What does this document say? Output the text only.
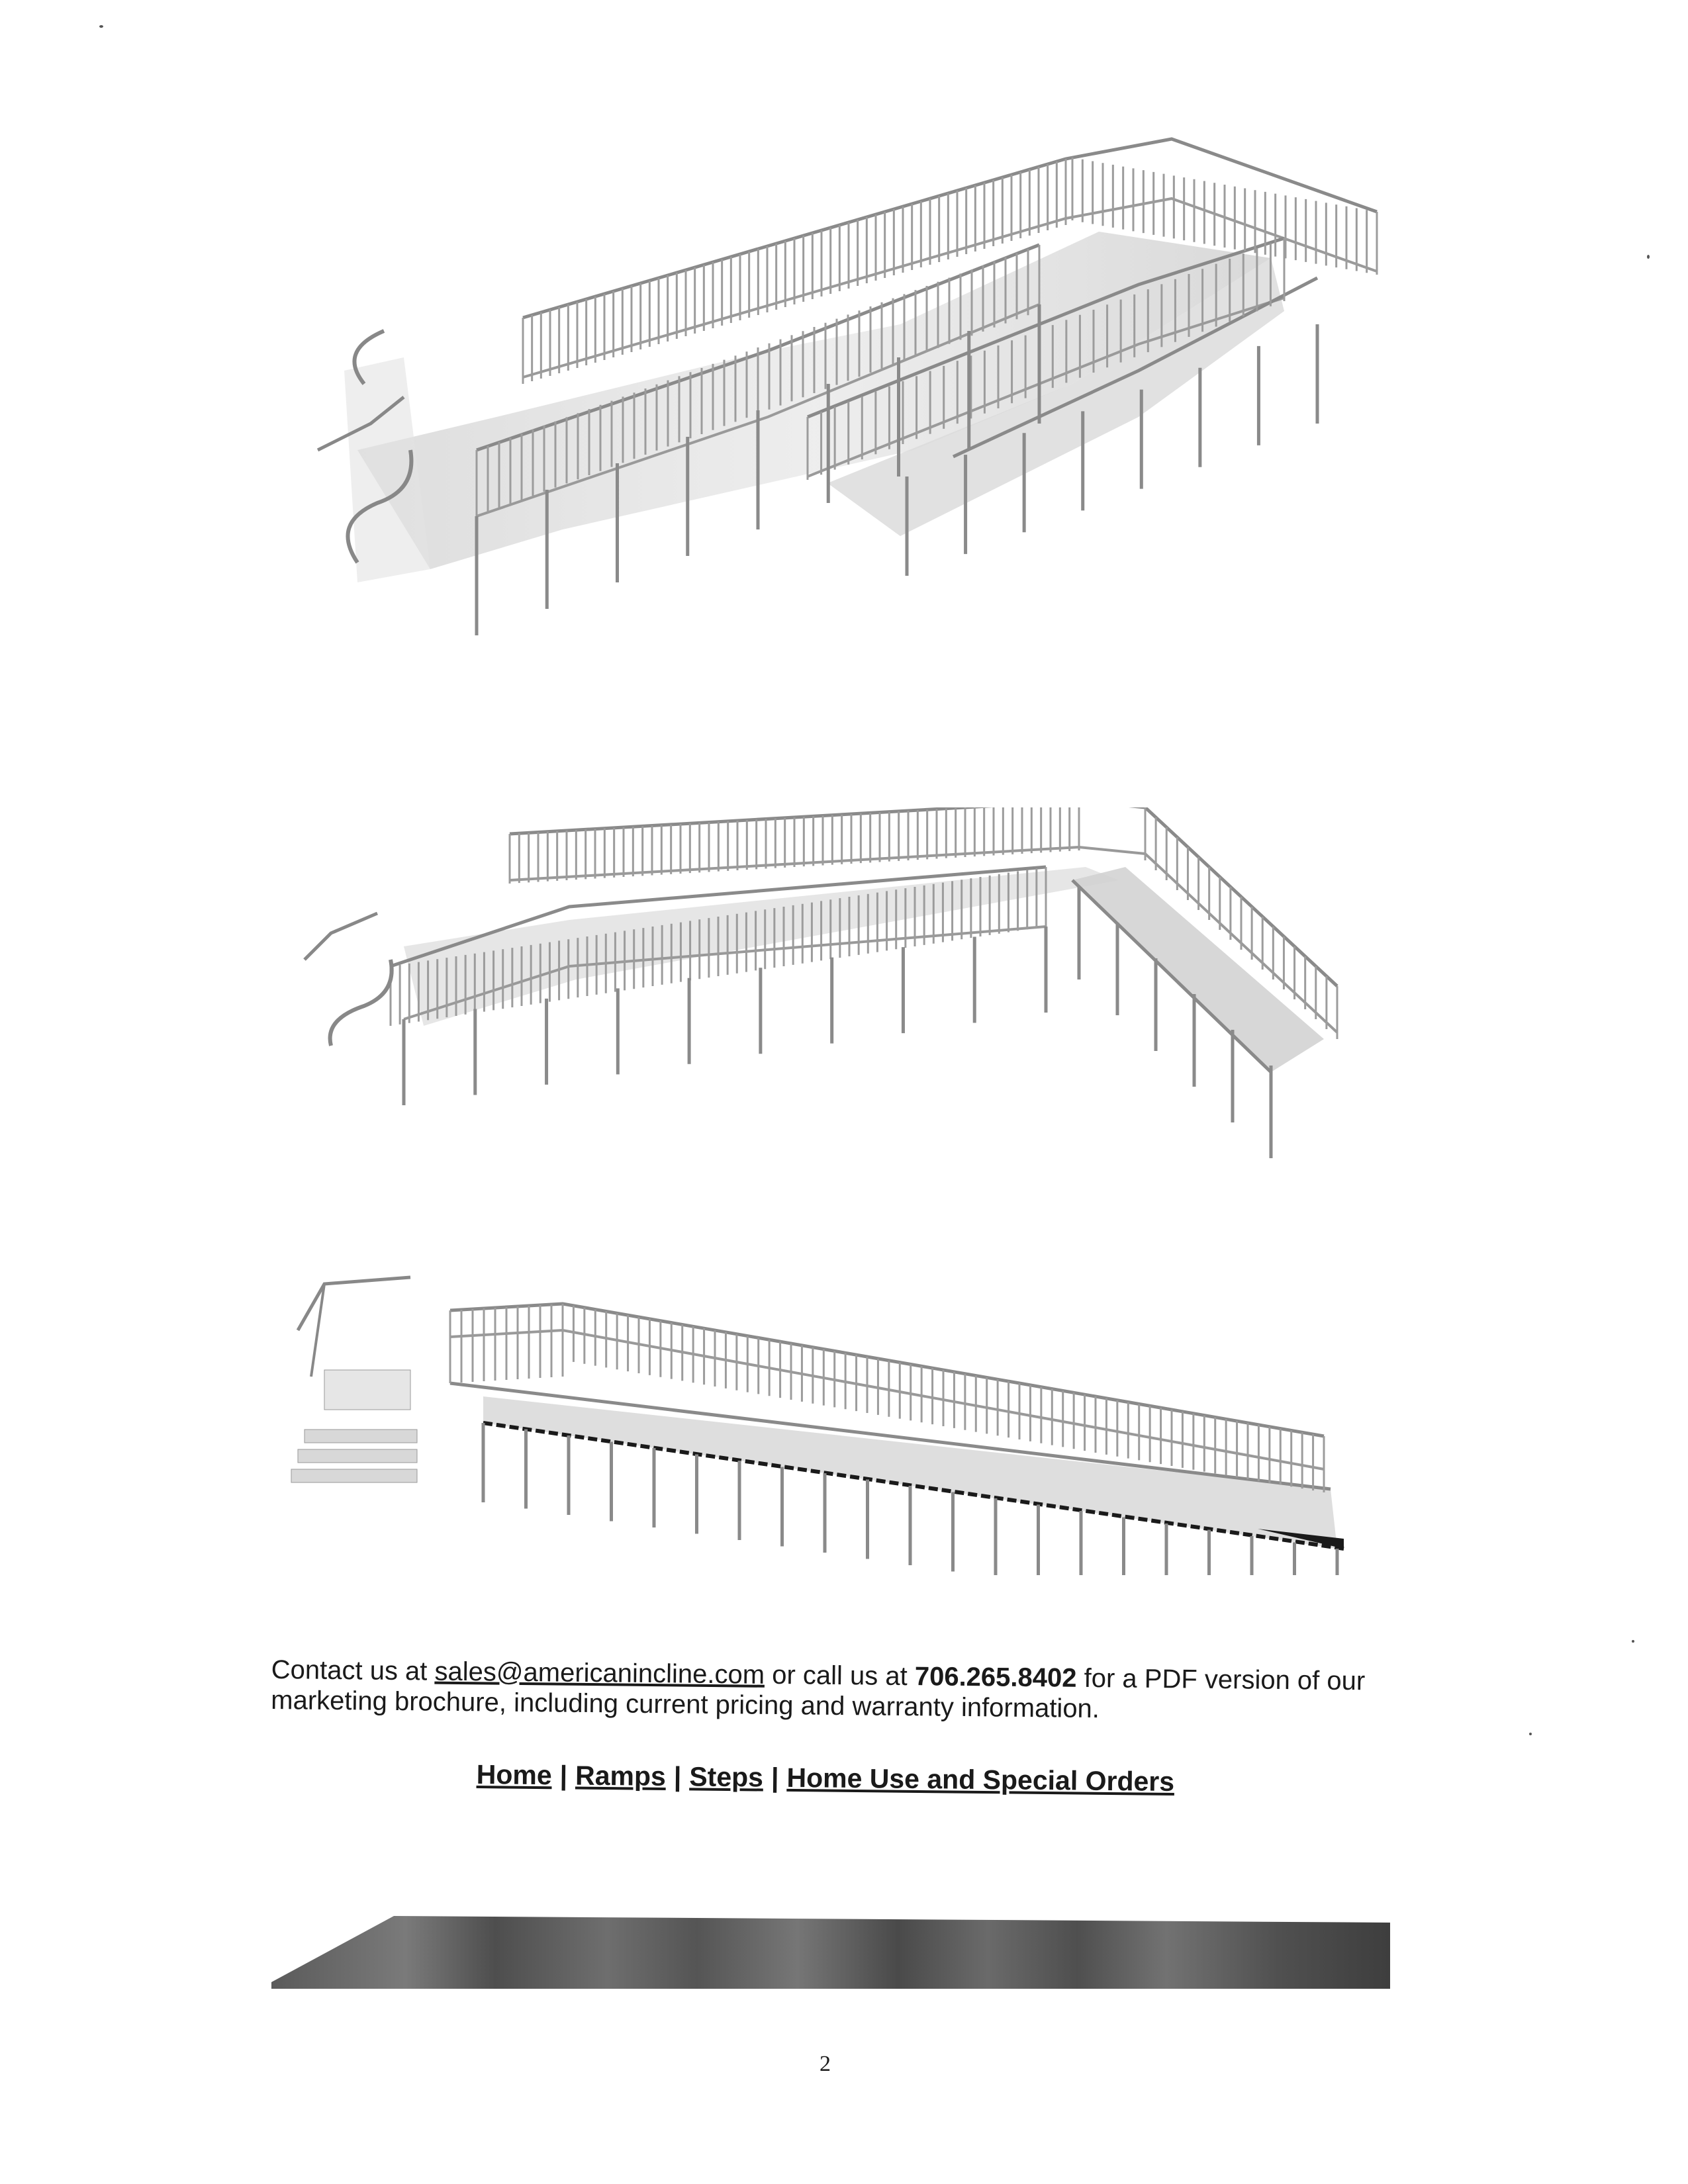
Contact us at sales@americanincline.com or call us at 706.265.8402 for a PDF version of our marketing brochure, including current pricing and warranty information.
Home | Ramps | Steps | Home Use and Special Orders
2
